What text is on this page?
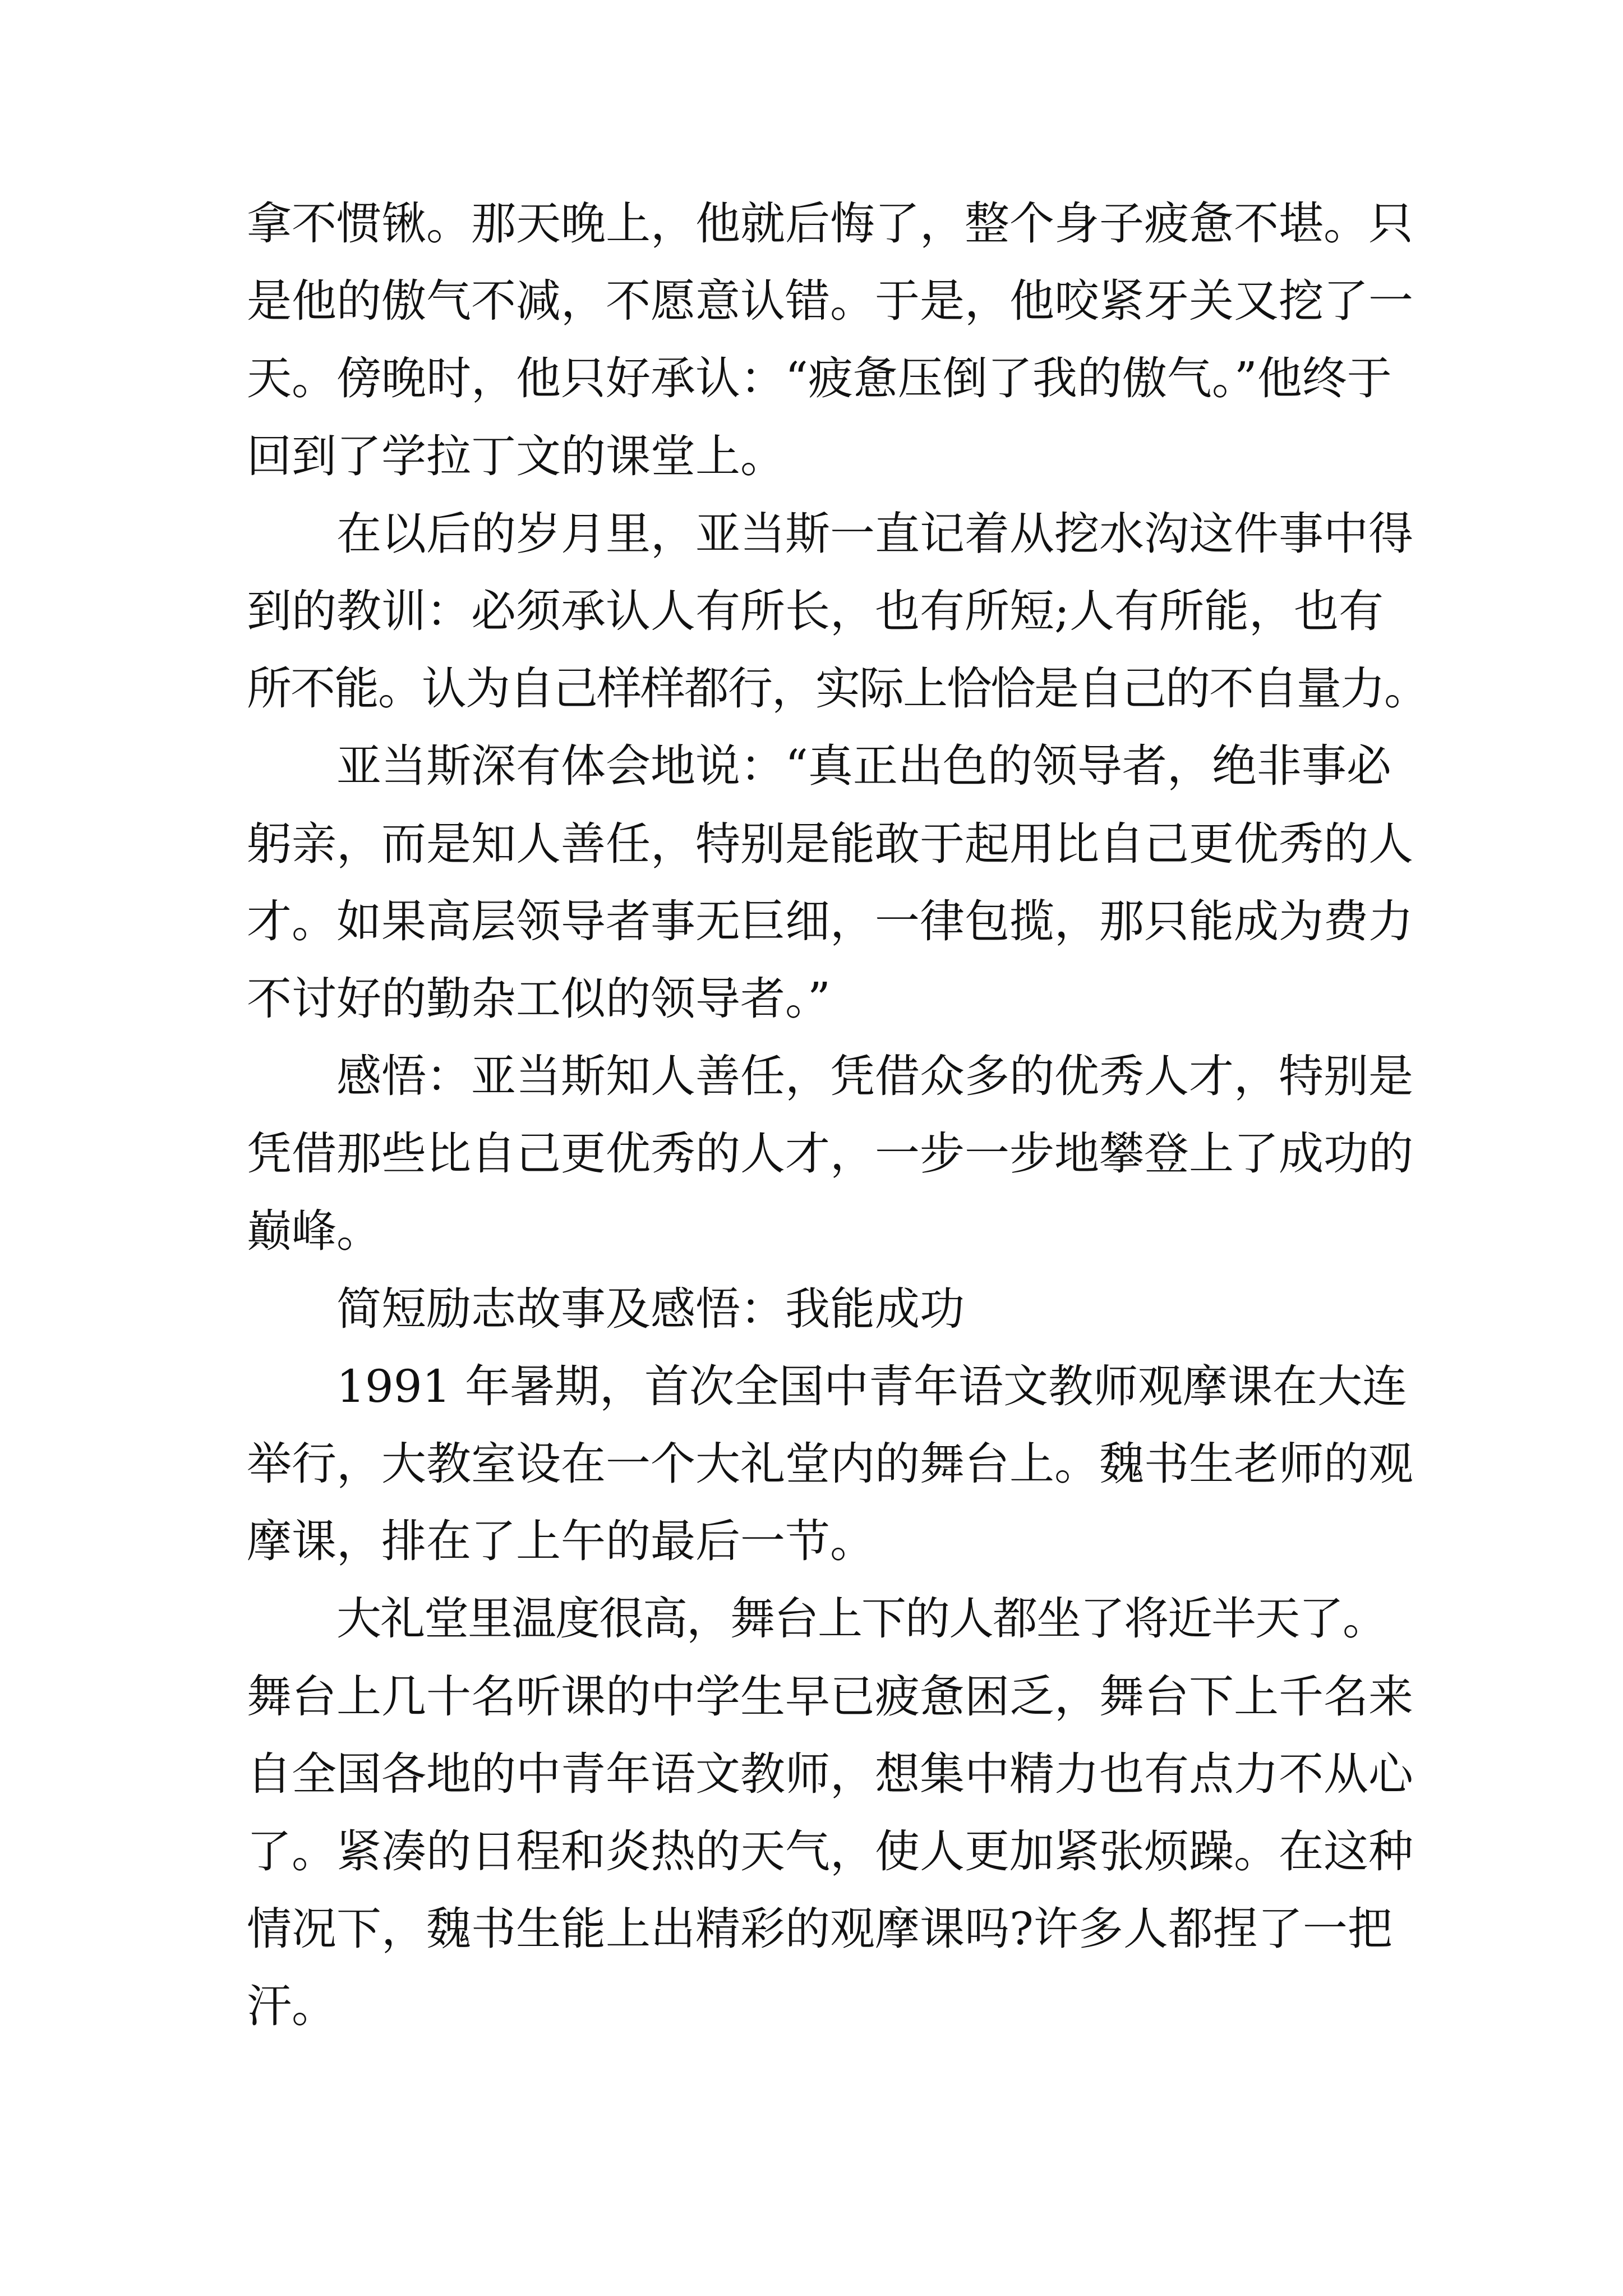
拿不惯锹。那天晚上，他就后悔了，整个身子疲惫不堪。只
是他的傲气不减，不愿意认错。于是，他咬紧牙关又挖了一
天。傍晚时，他只好承认：“疲惫压倒了我的傲气。”他终于
回到了学拉丁文的课堂上。
在以后的岁月里，亚当斯一直记着从挖水沟这件事中得
到的教训：必须承认人有所长，也有所短;人有所能，也有
所不能。认为自己样样都行，实际上恰恰是自己的不自量力。
亚当斯深有体会地说：“真正出色的领导者，绝非事必
躬亲，而是知人善任，特别是能敢于起用比自己更优秀的人
才。如果高层领导者事无巨细，一律包揽，那只能成为费力
不讨好的勤杂工似的领导者。”
感悟：亚当斯知人善任，凭借众多的优秀人才，特别是
凭借那些比自己更优秀的人才，一步一步地攀登上了成功的
巅峰。
简短励志故事及感悟：我能成功
1991 年暑期，首次全国中青年语文教师观摩课在大连
举行，大教室设在一个大礼堂内的舞台上。魏书生老师的观
摩课，排在了上午的最后一节。
大礼堂里温度很高，舞台上下的人都坐了将近半天了。
舞台上几十名听课的中学生早已疲惫困乏，舞台下上千名来
自全国各地的中青年语文教师，想集中精力也有点力不从心
了。紧凑的日程和炎热的天气，使人更加紧张烦躁。在这种
情况下，魏书生能上出精彩的观摩课吗?许多人都捏了一把
汗。
